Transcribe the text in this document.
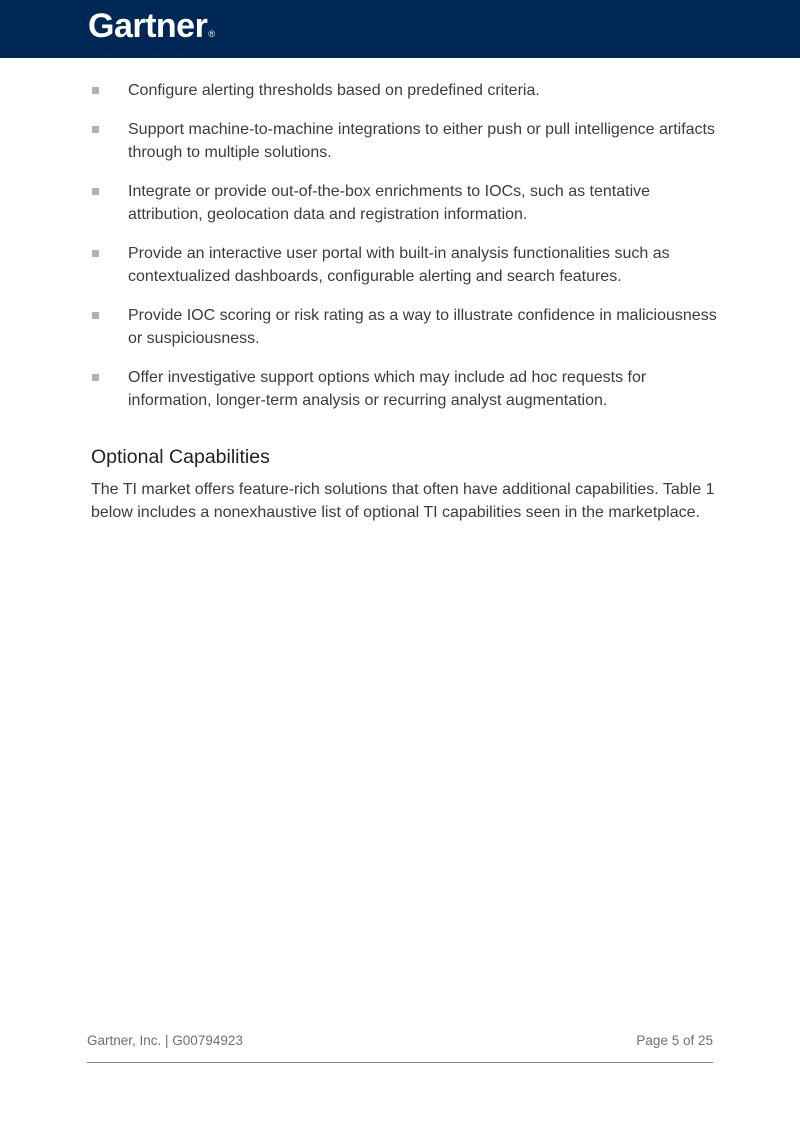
Gartner®
Configure alerting thresholds based on predefined criteria.
Support machine-to-machine integrations to either push or pull intelligence artifacts through to multiple solutions.
Integrate or provide out-of-the-box enrichments to IOCs, such as tentative attribution, geolocation data and registration information.
Provide an interactive user portal with built-in analysis functionalities such as contextualized dashboards, configurable alerting and search features.
Provide IOC scoring or risk rating as a way to illustrate confidence in maliciousness or suspiciousness.
Offer investigative support options which may include ad hoc requests for information, longer-term analysis or recurring analyst augmentation.
Optional Capabilities

The TI market offers feature-rich solutions that often have additional capabilities. Table 1 below includes a nonexhaustive list of optional TI capabilities seen in the marketplace.

Gartner, Inc. | G00794923	Page 5 of 25
